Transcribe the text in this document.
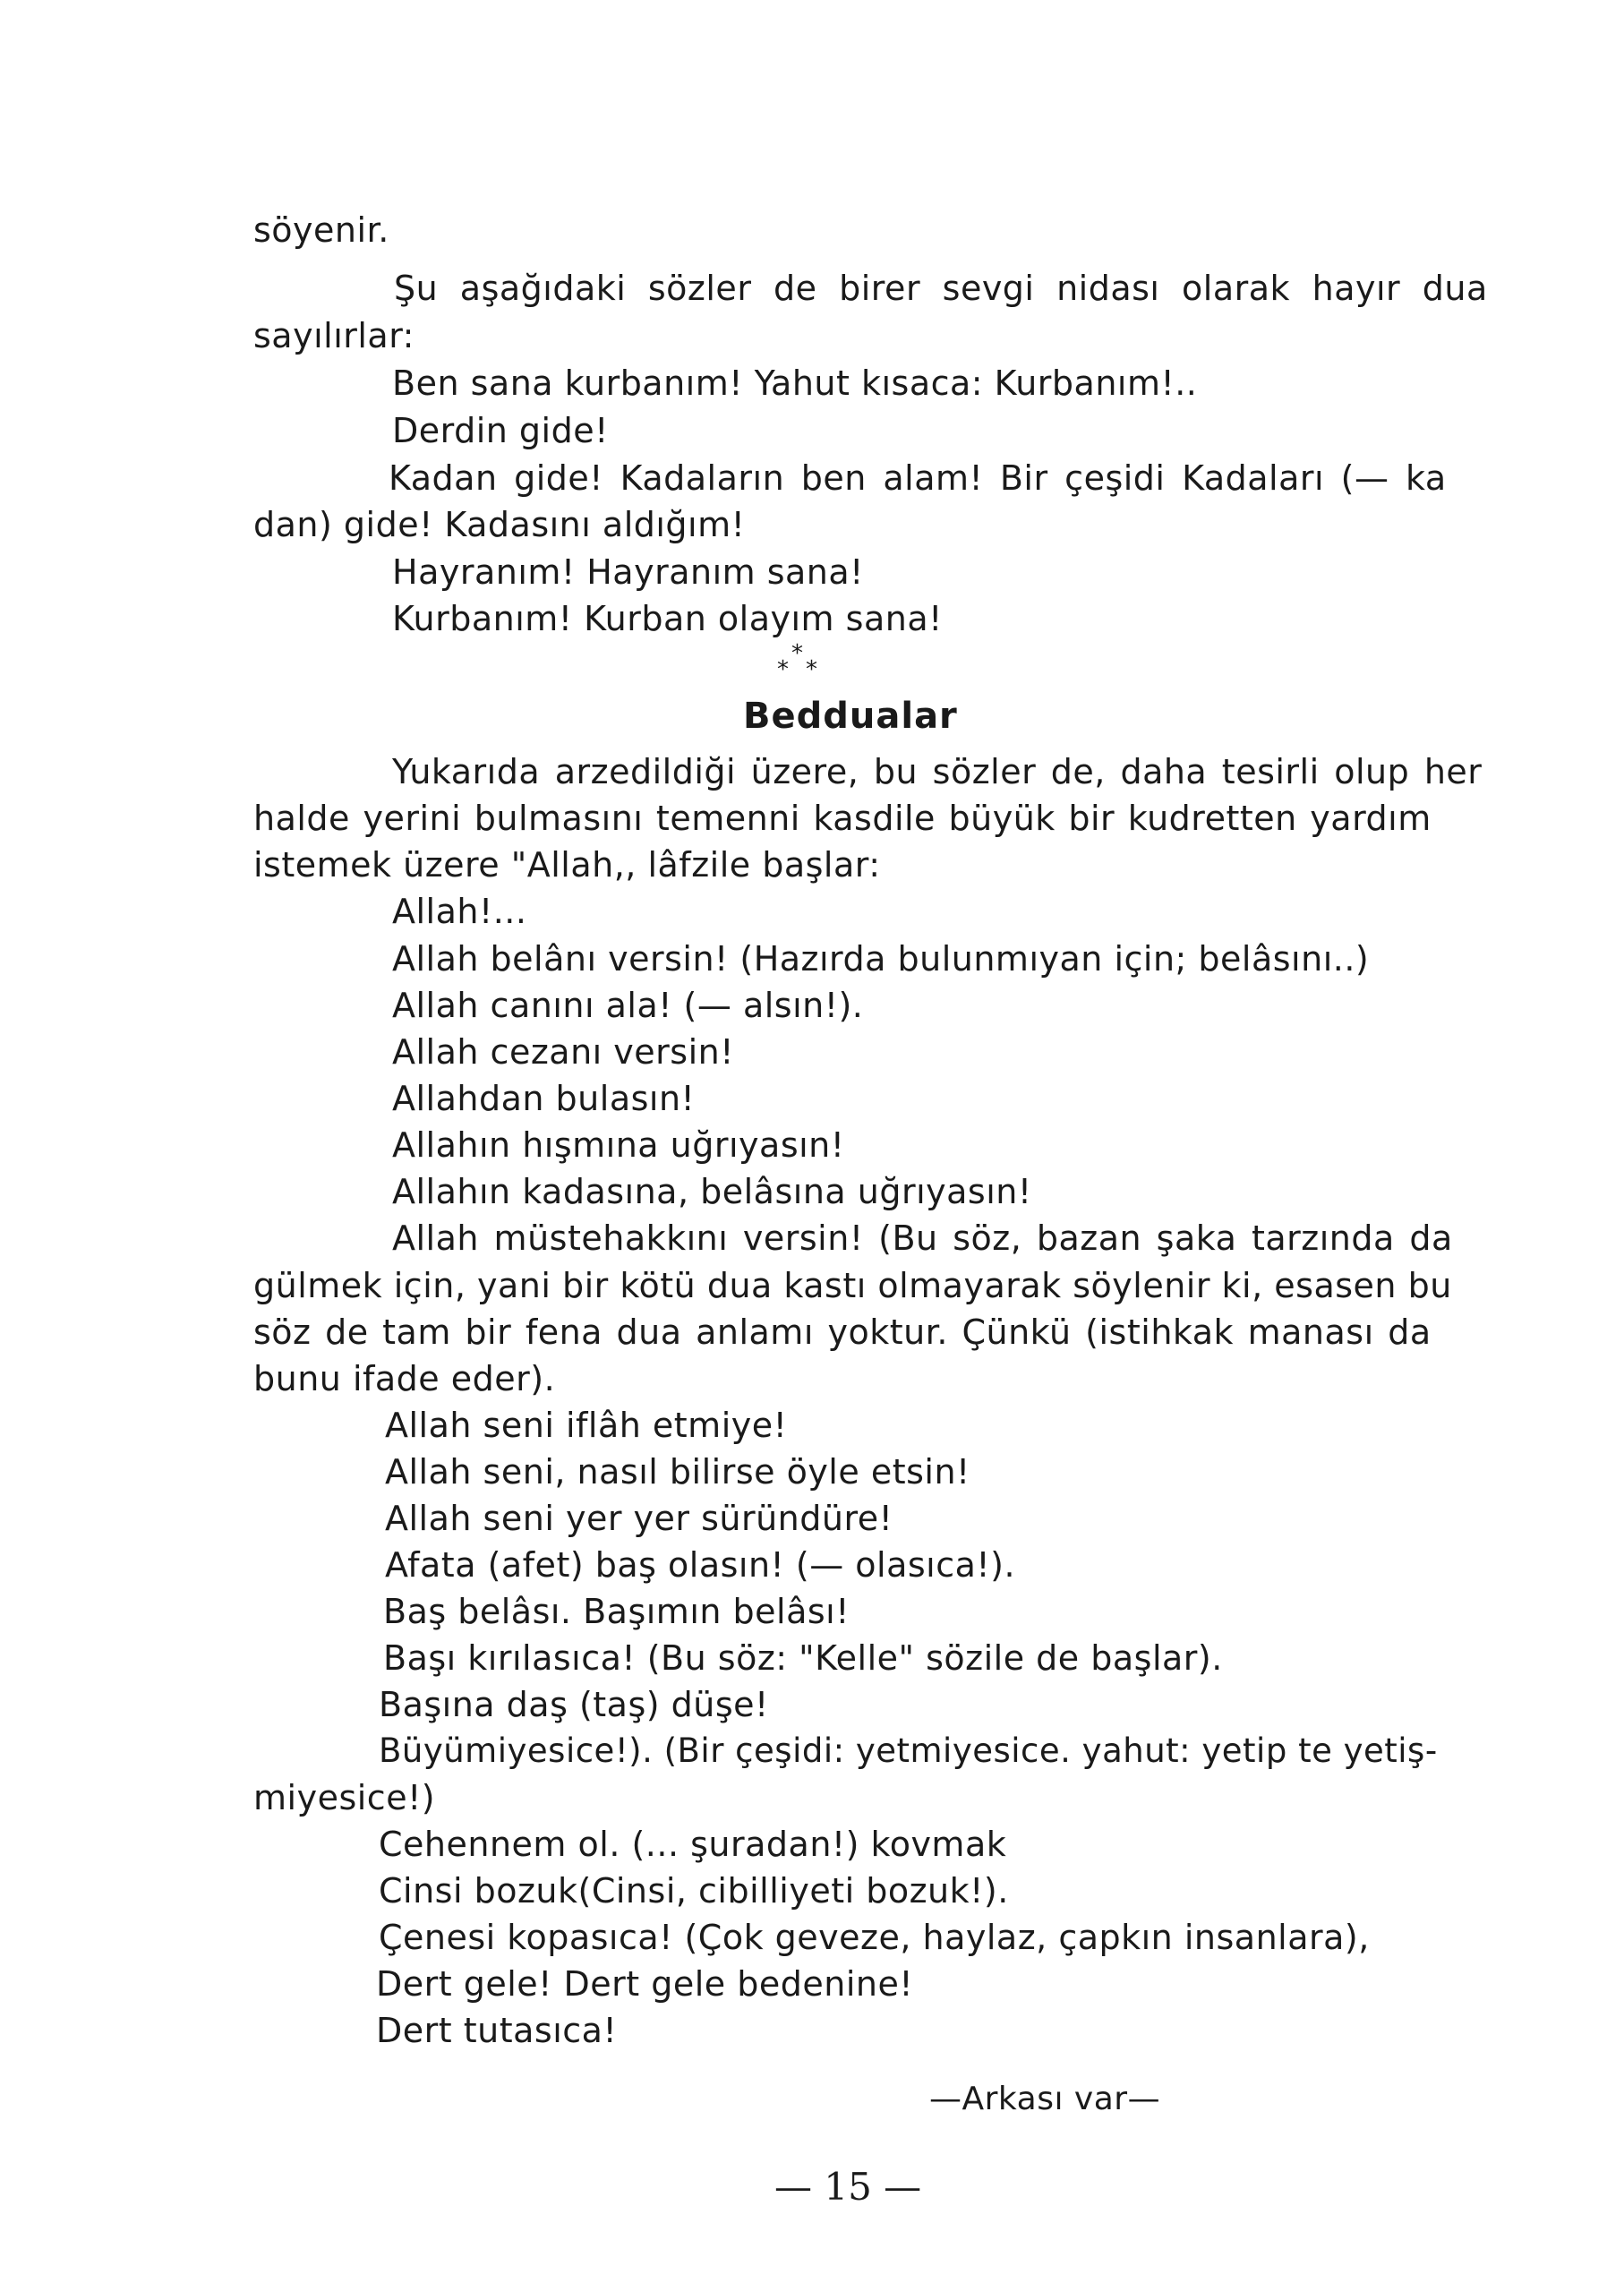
söyenir.
Şu aşağıdaki sözler de birer sevgi nidası olarak hayır dua
sayılırlar:
Ben sana kurbanım! Yahut kısaca: Kurbanım!..
Derdin gide!
Kadan gide! Kadaların ben alam! Bir çeşidi Kadaları (— ka
dan) gide! Kadasını aldığım!
Hayranım! Hayranım sana!
Kurbanım! Kurban olayım sana!
*
* *
Beddualar
Yukarıda arzedildiği üzere, bu sözler de, daha tesirli olup her
halde yerini bulmasını temenni kasdile büyük bir kudretten yardım
istemek üzere "Allah,, lâfzile başlar:
Allah!...
Allah belânı versin! (Hazırda bulunmıyan için; belâsını..)
Allah canını ala! (— alsın!).
Allah cezanı versin!
Allahdan bulasın!
Allahın hışmına uğrıyasın!
Allahın kadasına, belâsına uğrıyasın!
Allah müstehakkını versin! (Bu söz, bazan şaka tarzında da
gülmek için, yani bir kötü dua kastı olmayarak söylenir ki, esasen bu
söz de tam bir fena dua anlamı yoktur. Çünkü (istihkak manası da
bunu ifade eder).
Allah seni iflâh etmiye!
Allah seni, nasıl bilirse öyle etsin!
Allah seni yer yer süründüre!
Afata (afet) baş olasın! (— olasıca!).
Baş belâsı. Başımın belâsı!
Başı kırılasıca! (Bu söz: "Kelle" sözile de başlar).
Başına daş (taş) düşe!
Büyümiyesice!). (Bir çeşidi: yetmiyesice. yahut: yetip te yetiş-
miyesice!)
Cehennem ol. (... şuradan!) kovmak
Cinsi bozuk(Cinsi, cibilliyeti bozuk!).
Çenesi kopasıca! (Çok geveze, haylaz, çapkın insanlara),
Dert gele! Dert gele bedenine!
Dert tutasıca!
—Arkası var—
— 15 —
